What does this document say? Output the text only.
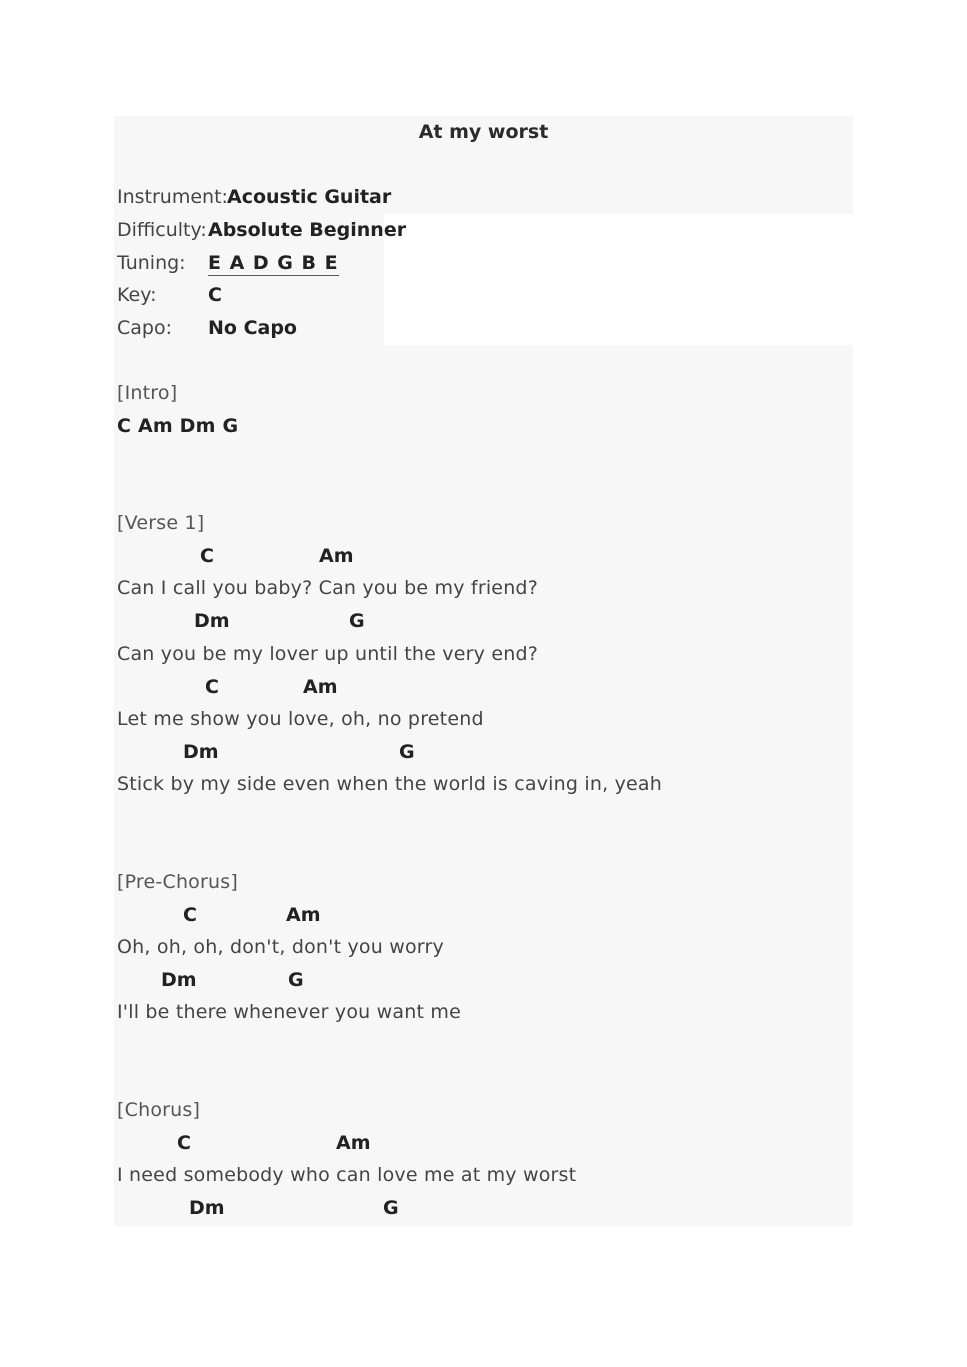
At my worst
Instrument: Acoustic Guitar
Difficulty: Absolute Beginner
Tuning: E A D G B E
Key:	C
Capo: No Capo
[Intro]
C Am Dm G
[Verse 1]
C	Am
Can I call you baby? Can you be my friend?
Dm	G
Can you be my lover up until the very end?
C	Am
Let me show you love, oh, no pretend
Dm	G
Stick by my side even when the world is caving in, yeah
[Pre-Chorus]
C	Am
Oh, oh, oh, don't, don't you worry
Dm	G
I'll be there whenever you want me
[Chorus]
C	Am
I need somebody who can love me at my worst
Dm	G
